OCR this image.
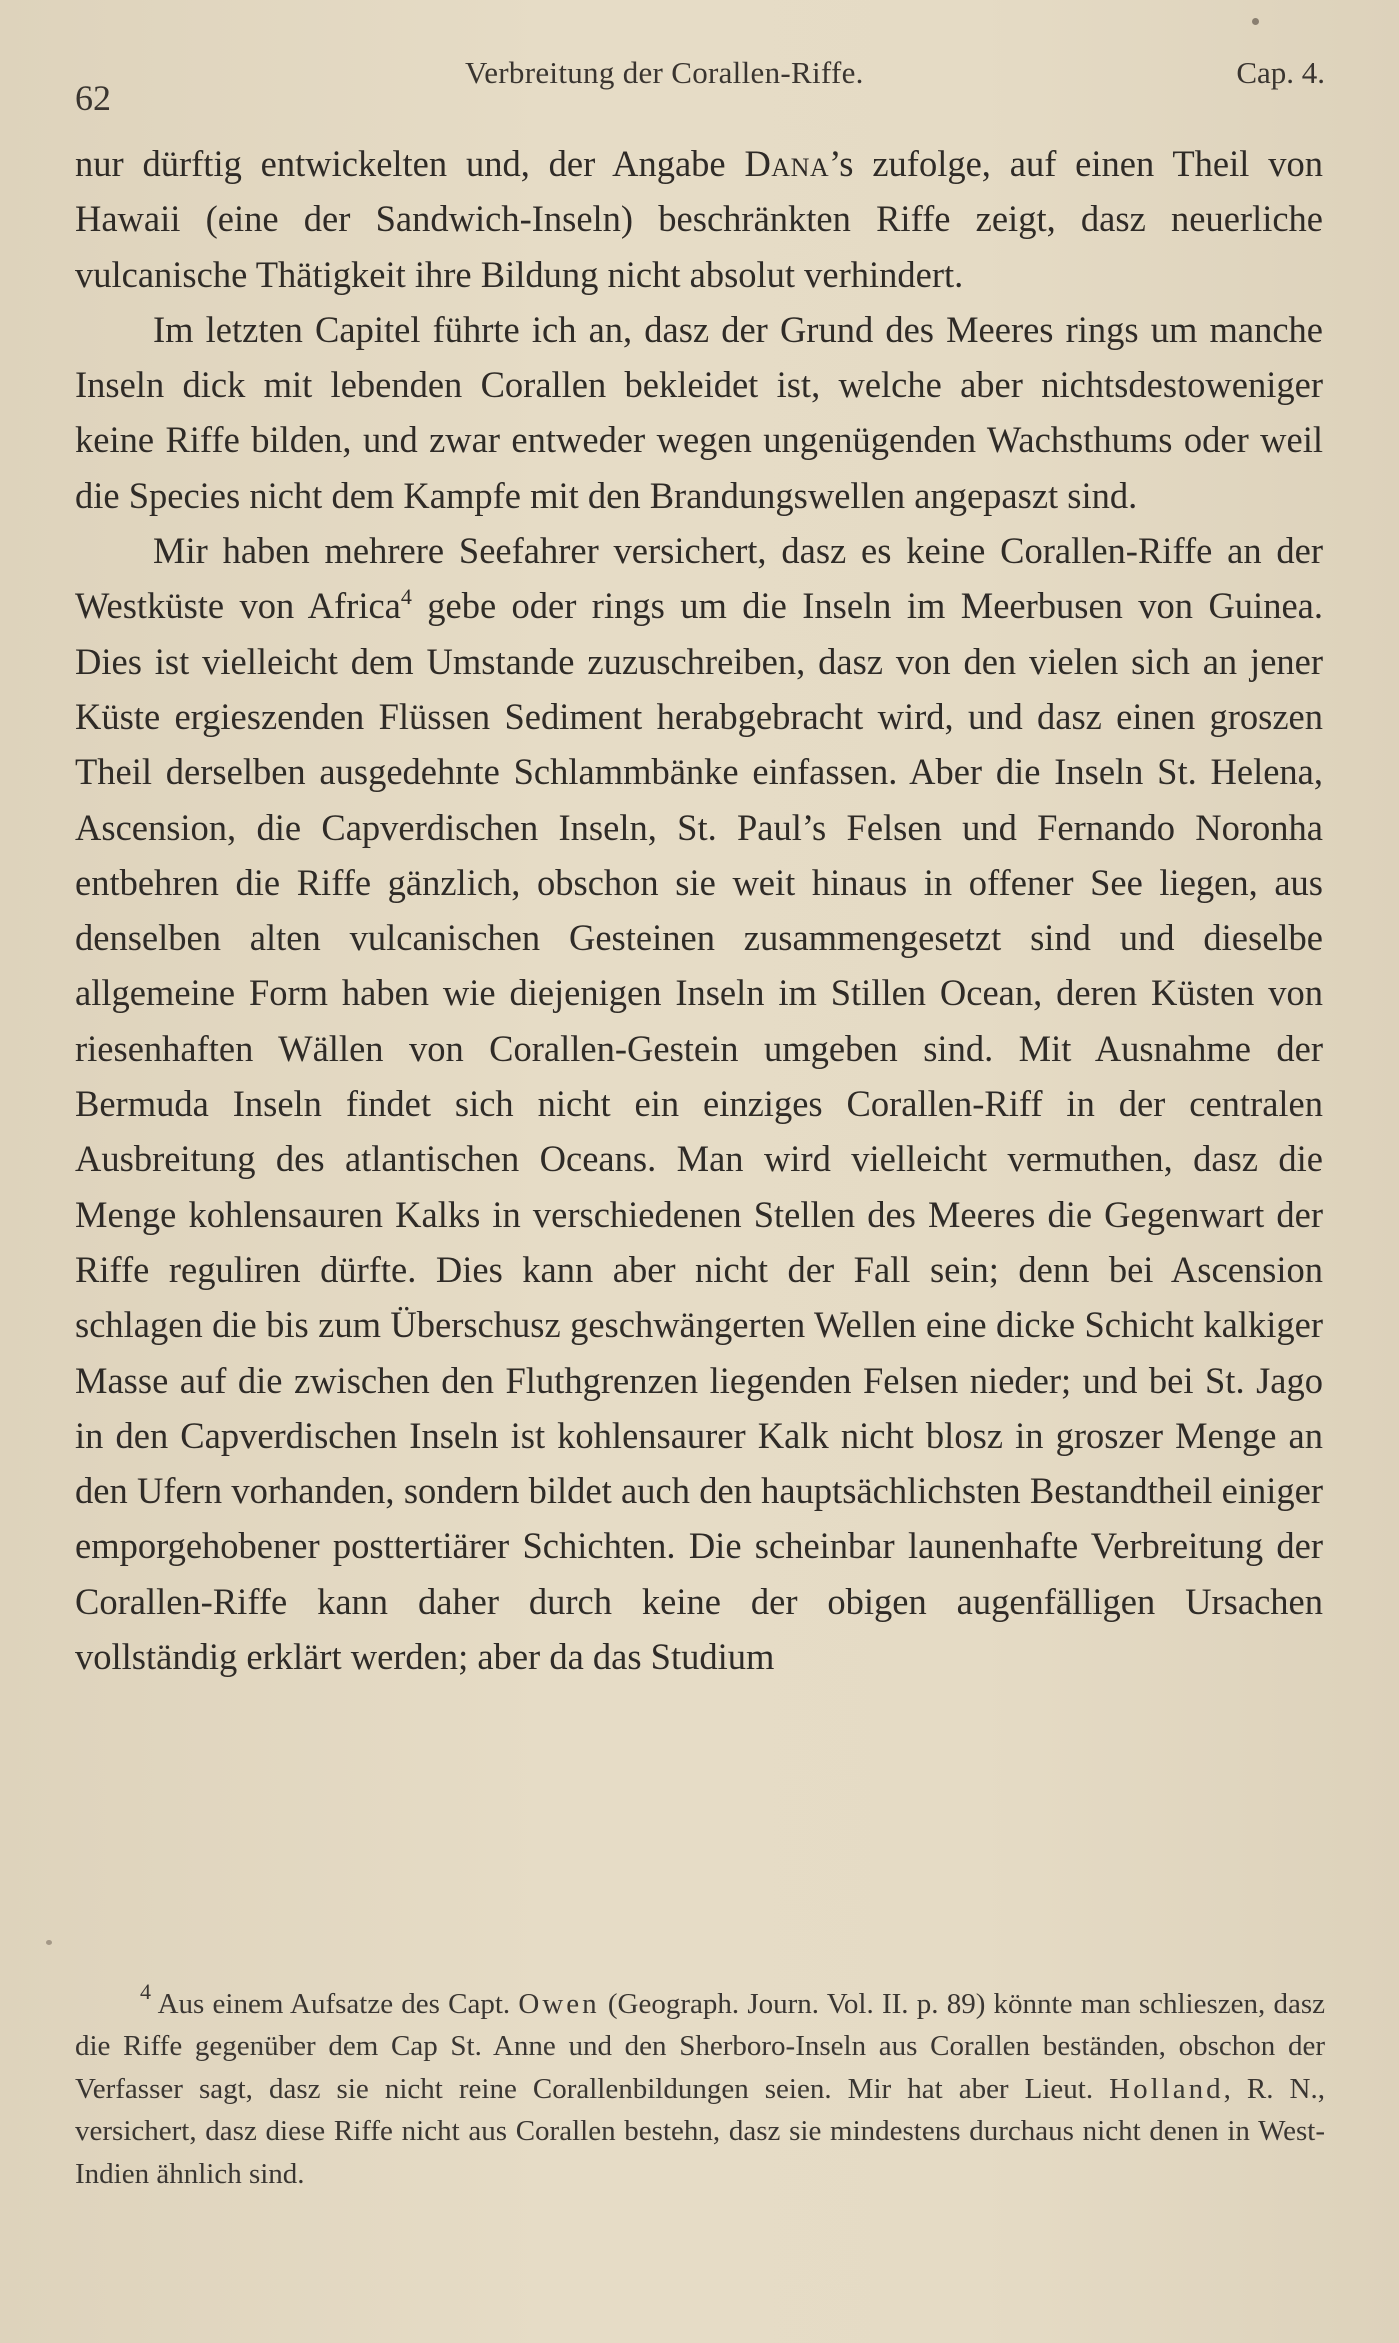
62
Verbreitung der Corallen-Riffe.	Cap. 4.

nur dürftig entwickelten und, der Angabe Dana’s zufolge, auf einen Theil von Hawaii (eine der Sandwich-Inseln) beschränkten Riffe zeigt, dasz neuerliche vulcanische Thätigkeit ihre Bildung nicht absolut verhindert.

Im letzten Capitel führte ich an, dasz der Grund des Meeres rings um manche Inseln dick mit lebenden Corallen bekleidet ist, welche aber nichtsdestoweniger keine Riffe bilden, und zwar entweder wegen ungenügenden Wachsthums oder weil die Species nicht dem Kampfe mit den Brandungswellen angepaszt sind.

Mir haben mehrere Seefahrer versichert, dasz es keine Corallen-Riffe an der Westküste von Africa$^4$ gebe oder rings um die Inseln im Meerbusen von Guinea. Dies ist vielleicht dem Umstande zuzuschreiben, dasz von den vielen sich an jener Küste ergieszenden Flüssen Sediment herabgebracht wird, und dasz einen groszen Theil derselben ausgedehnte Schlammbänke einfassen. Aber die Inseln St. Helena, Ascension, die Capverdischen Inseln, St. Paul’s Felsen und Fernando Noronha entbehren die Riffe gänzlich, obschon sie weit hinaus in offener See liegen, aus denselben alten vulcanischen Gesteinen zusammengesetzt sind und dieselbe allgemeine Form haben wie diejenigen Inseln im Stillen Ocean, deren Küsten von riesenhaften Wällen von Corallen-Gestein umgeben sind. Mit Ausnahme der Bermuda Inseln findet sich nicht ein einziges Corallen-Riff in der centralen Ausbreitung des atlantischen Oceans. Man wird vielleicht vermuthen, dasz die Menge kohlensauren Kalks in verschiedenen Stellen des Meeres die Gegenwart der Riffe reguliren dürfte. Dies kann aber nicht der Fall sein; denn bei Ascension schlagen die bis zum Überschusz geschwängerten Wellen eine dicke Schicht kalkiger Masse auf die zwischen den Fluthgrenzen liegenden Felsen nieder; und bei St. Jago in den Capverdischen Inseln ist kohlensaurer Kalk nicht blosz in groszer Menge an den Ufern vorhanden, sondern bildet auch den hauptsächlichsten Bestandtheil einiger emporgehobener posttertiärer Schichten. Die scheinbar launenhafte Verbreitung der Corallen-Riffe kann daher durch keine der obigen augenfälligen Ursachen vollständig erklärt werden; aber da das Studium

$^4$ Aus einem Aufsatze des Capt. Owen (Geograph. Journ. Vol. II. p. 89) könnte man schlieszen, dasz die Riffe gegenüber dem Cap St. Anne und den Sherboro-Inseln aus Corallen beständen, obschon der Verfasser sagt, dasz sie nicht reine Corallenbildungen seien. Mir hat aber Lieut. Holland, R. N., versichert, dasz diese Riffe nicht aus Corallen bestehn, dasz sie mindestens durchaus nicht denen in West-Indien ähnlich sind.
